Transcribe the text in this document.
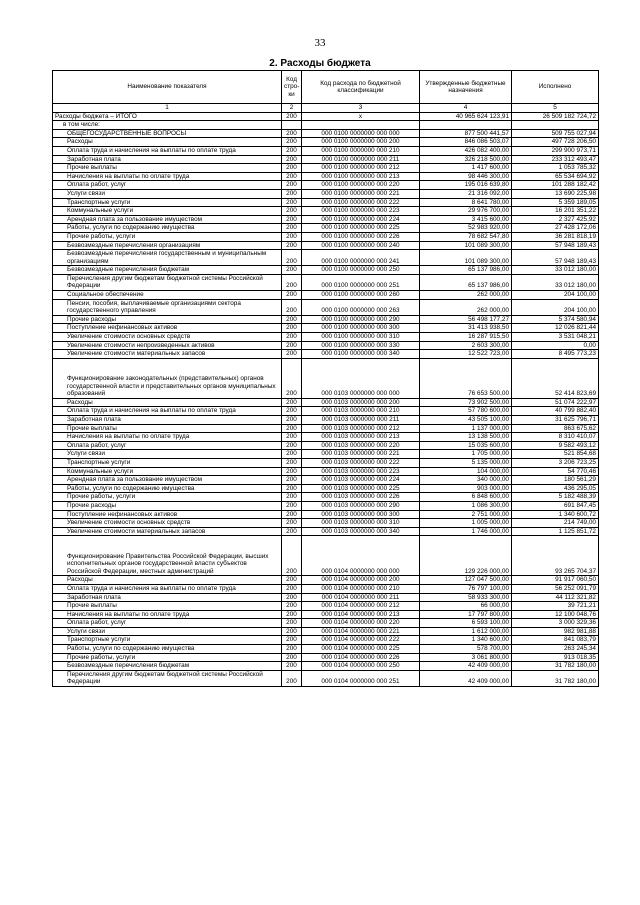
33
2. Расходы бюджета
Наименование показателя	Код стро-ки	Код расхода по бюджетной классификации	Утвержденные бюджетные назначения	Исполнено
1	2	3	4	5
Расходы бюджета – ИТОГО	200	x	40 965 624 123,91	26 509 182 724,72
в том числе:				
ОБЩЕГОСУДАРСТВЕННЫЕ ВОПРОСЫ	200	000 0100 0000000 000 000	877 500 441,57	509 755 027,94
Расходы	200	000 0100 0000000 000 200	846 086 503,07	497 728 206,50
Оплата труда и начисления на выплаты по оплате труда	200	000 0100 0000000 000 210	426 082 400,00	299 900 973,71
Заработная плата	200	000 0100 0000000 000 211	326 218 500,00	233 312 493,47
Прочие выплаты	200	000 0100 0000000 000 212	1 417 600,00	1 053 785,32
Начисления на выплаты по оплате труда	200	000 0100 0000000 000 213	98 446 300,00	65 534 694,92
Оплата работ, услуг	200	000 0100 0000000 000 220	195 016 639,80	101 288 182,42
Услуги связи	200	000 0100 0000000 000 221	21 316 092,00	13 690 225,98
Транспортные услуги	200	000 0100 0000000 000 222	8 641 780,00	5 359 189,05
Коммунальные услуги	200	000 0100 0000000 000 223	29 976 700,00	16 201 351,22
Арендная плата за пользование имуществом	200	000 0100 0000000 000 224	3 415 600,00	2 327 425,92
Работы, услуги по содержанию имущества	200	000 0100 0000000 000 225	52 983 920,00	27 428 172,06
Прочие работы, услуги	200	000 0100 0000000 000 226	78 682 547,80	36 281 818,19
Безвозмездные перечисления организациям	200	000 0100 0000000 000 240	101 089 300,00	57 948 189,43
Безвозмездные перечисления государственным и муниципальным организациям	200	000 0100 0000000 000 241	101 089 300,00	57 948 189,43
Безвозмездные перечисления бюджетам	200	000 0100 0000000 000 250	65 137 986,00	33 012 180,00
Перечисления другим бюджетам бюджетной системы Российской Федерации	200	000 0100 0000000 000 251	65 137 986,00	33 012 180,00
Социальное обеспечение	200	000 0100 0000000 000 260	262 000,00	204 100,00
Пенсии, пособия, выплачиваемые организациями сектора государственного управления	200	000 0100 0000000 000 263	262 000,00	204 100,00
Прочие расходы	200	000 0100 0000000 000 290	56 498 177,27	5 374 580,94
Поступление нефинансовых активов	200	000 0100 0000000 000 300	31 413 938,50	12 026 821,44
Увеличение стоимости основных средств	200	000 0100 0000000 000 310	16 287 915,50	3 531 048,21
Увеличение стоимости непроизведенных активов	200	000 0100 0000000 000 330	2 603 300,00	0,00
Увеличение стоимости материальных запасов	200	000 0100 0000000 000 340	12 522 723,00	8 495 773,23
Функционирование законодательных (представительных) органов государственной власти и представительных органов муниципальных образований	200	000 0103 0000000 000 000	76 653 500,00	52 414 823,69
Расходы	200	000 0103 0000000 000 200	73 902 500,00	51 074 222,97
Оплата труда и начисления на выплаты по оплате труда	200	000 0103 0000000 000 210	57 780 600,00	40 799 882,40
Заработная плата	200	000 0103 0000000 000 211	43 505 100,00	31 625 796,71
Прочие выплаты	200	000 0103 0000000 000 212	1 137 000,00	863 675,62
Начисления на выплаты по оплате труда	200	000 0103 0000000 000 213	13 138 500,00	8 310 410,07
Оплата работ, услуг	200	000 0103 0000000 000 220	15 035 600,00	9 582 493,12
Услуги связи	200	000 0103 0000000 000 221	1 705 000,00	521 854,68
Транспортные услуги	200	000 0103 0000000 000 222	5 135 000,00	3 206 723,25
Коммунальные услуги	200	000 0103 0000000 000 223	104 000,00	54 770,46
Арендная плата за пользование имуществом	200	000 0103 0000000 000 224	340 000,00	180 561,29
Работы, услуги по содержанию имущества	200	000 0103 0000000 000 225	903 000,00	436 295,05
Прочие работы, услуги	200	000 0103 0000000 000 226	6 848 600,00	5 182 488,39
Прочие расходы	200	000 0103 0000000 000 290	1 086 300,00	691 847,45
Поступление нефинансовых активов	200	000 0103 0000000 000 300	2 751 000,00	1 340 600,72
Увеличение стоимости основных средств	200	000 0103 0000000 000 310	1 005 000,00	214 749,00
Увеличение стоимости материальных запасов	200	000 0103 0000000 000 340	1 746 000,00	1 125 851,72
Функционирование Правительства Российской Федерации, высших исполнительных органов государственной власти субъектов Российской Федерации, местных администраций	200	000 0104 0000000 000 000	129 226 000,00	93 265 704,37
Расходы	200	000 0104 0000000 000 200	127 047 500,00	91 917 060,50
Оплата труда и начисления на выплаты по оплате труда	200	000 0104 0000000 000 210	76 797 100,00	56 252 091,79
Заработная плата	200	000 0104 0000000 000 211	58 933 300,00	44 112 321,82
Прочие выплаты	200	000 0104 0000000 000 212	66 000,00	39 721,21
Начисления на выплаты по оплате труда	200	000 0104 0000000 000 213	17 797 800,00	12 100 048,76
Оплата работ, услуг	200	000 0104 0000000 000 220	6 593 100,00	3 000 329,36
Услуги связи	200	000 0104 0000000 000 221	1 612 000,00	982 981,88
Транспортные услуги	200	000 0104 0000000 000 222	1 340 600,00	841 083,79
Работы, услуги по содержанию имущества	200	000 0104 0000000 000 225	578 700,00	263 245,34
Прочие работы, услуги	200	000 0104 0000000 000 226	3 061 800,00	913 018,35
Безвозмездные перечисления бюджетам	200	000 0104 0000000 000 250	42 409 000,00	31 782 180,00
Перечисления другим бюджетам бюджетной системы Российской Федерации	200	000 0104 0000000 000 251	42 409 000,00	31 782 180,00
